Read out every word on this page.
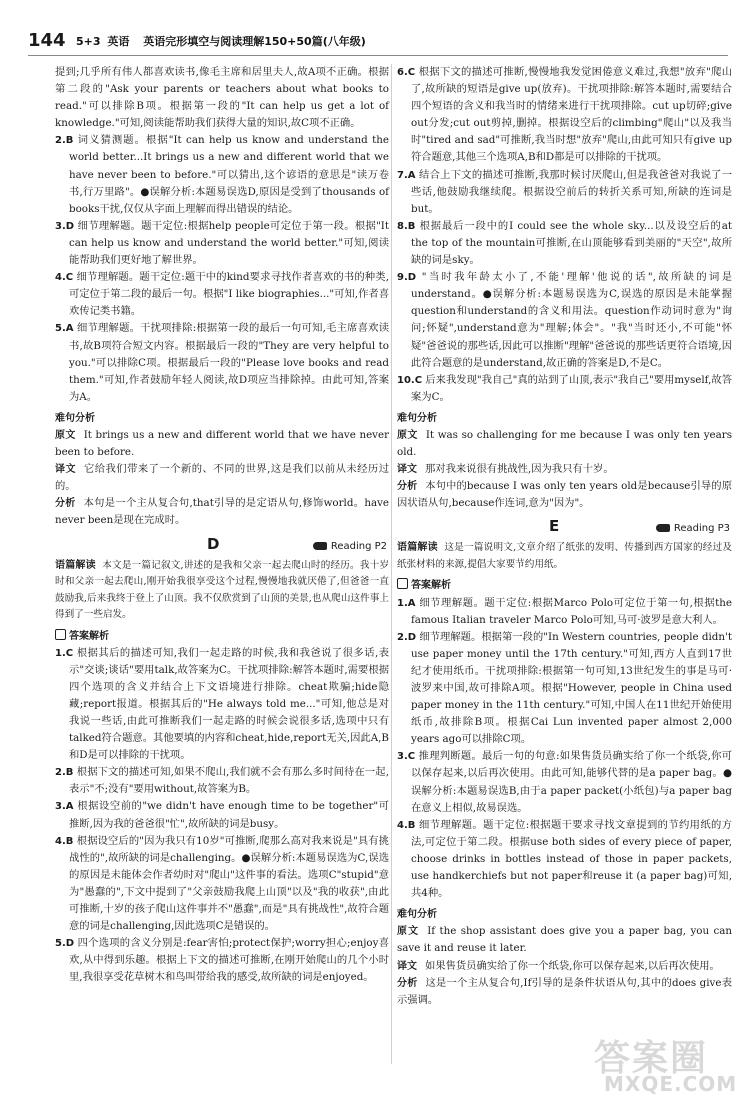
144 5+3 英语 英语完形填空与阅读理解150+50篇(八年级)

提到;几乎所有伟人都喜欢读书,像毛主席和居里夫人,故A项不正确。根据第二段的"Ask your parents or teachers about what books to read."可以排除B项。根据第一段的"It can help us get a lot of knowledge."可知,阅读能帮助我们获得大量的知识,故C项不正确。

2.B 词义猜测题。根据"It can help us know and understand the world better...It brings us a new and different world that we have never been to before."可以猜出,这个谚语的意思是"读万卷书,行万里路"。●误解分析:本题易误选D,原因是受到了thousands of books干扰,仅仅从字面上理解而得出错误的结论。

3.D 细节理解题。题干定位:根据help people可定位于第一段。根据"It can help us know and understand the world better."可知,阅读能帮助我们更好地了解世界。

4.C 细节理解题。题干定位:题干中的kind要求寻找作者喜欢的书的种类,可定位于第二段的最后一句。根据"I like biographies..."可知,作者喜欢传记类书籍。

5.A 细节理解题。干扰项排除:根据第一段的最后一句可知,毛主席喜欢读书,故B项符合短文内容。根据最后一段的"They are very helpful to you."可以排除C项。根据最后一段的"Please love books and read them."可知,作者鼓励年轻人阅读,故D项应当排除掉。由此可知,答案为A。

难句分析

原文 It brings us a new and different world that we have never been to before.

译文 它给我们带来了一个新的、不同的世界,这是我们以前从未经历过的。

分析 本句是一个主从复合句,that引导的是定语从句,修饰world。have never been是现在完成时。

D	Reading P2

语篇解读 本文是一篇记叙文,讲述的是我和父亲一起去爬山时的经历。我十岁时和父亲一起去爬山,刚开始我很享受这个过程,慢慢地我就厌倦了,但爸爸一直鼓励我,后来我终于登上了山顶。我不仅欣赏到了山顶的美景,也从爬山这件事上得到了一些启发。

答案解析

1.C 根据其后的描述可知,我们一起走路的时候,我和我爸说了很多话,表示"交谈;谈话"要用talk,故答案为C。干扰项排除:解答本题时,需要根据四个选项的含义并结合上下文语境进行排除。cheat欺骗;hide隐藏;report报道。根据其后的"He always told me..."可知,他总是对我说一些话,由此可推断我们一起走路的时候会说很多话,选项中只有talked符合题意。其他要填的内容和cheat,hide,report无关,因此A,B和D是可以排除的干扰项。

2.B 根据下文的描述可知,如果不爬山,我们就不会有那么多时间待在一起,表示"不;没有"要用without,故答案为B。

3.A 根据设空前的"we didn't have enough time to be together"可推断,因为我的爸爸很"忙",故所缺的词是busy。

4.B 根据设空后的"因为我只有10岁"可推断,爬那么高对我来说是"具有挑战性的",故所缺的词是challenging。●误解分析:本题易误选为C,误选的原因是未能体会作者幼时对"爬山"这件事的看法。选项C"stupid"意为"愚蠢的",下文中提到了"父亲鼓励我爬上山顶"以及"我的收获",由此可推断,十岁的孩子爬山这件事并不"愚蠢",而是"具有挑战性",故符合题意的词是challenging,因此选项C是错误的。

5.D 四个选项的含义分别是:fear害怕;protect保护;worry担心;enjoy喜欢,从中得到乐趣。根据上下文的描述可推断,在刚开始爬山的几个小时里,我很享受花草树木和鸟叫带给我的感受,故所缺的词是enjoyed。

6.C 根据下文的描述可推断,慢慢地我发觉困倦意义难过,我想"放弃"爬山了,故所缺的短语是give up(放弃)。干扰项排除:解答本题时,需要结合四个短语的含义和我当时的情绪来进行干扰项排除。cut up切碎;give out分发;cut out剪掉,删掉。根据设空后的climbing"爬山"以及我当时"tired and sad"可推断,我当时想"放弃"爬山,由此可知只有give up符合题意,其他三个选项A,B和D都是可以排除的干扰项。

7.A 结合上下文的描述可推断,我那时候讨厌爬山,但是我爸爸对我说了一些话,他鼓励我继续爬。根据设空前后的转折关系可知,所缺的连词是but。

8.B 根据最后一段中的I could see the whole sky...以及设空后的at the top of the mountain可推断,在山顶能够看到美丽的"天空",故所缺的词是sky。

9.D "当时我年龄太小了,不能'理解'他说的话",故所缺的词是understand。●误解分析:本题易误选为C,误选的原因是未能掌握question和understand的含义和用法。question作动词时意为"询问;怀疑",understand意为"理解;体会"。"我"当时还小,不可能"怀疑"爸爸说的那些话,因此可以推断"理解"爸爸说的那些话更符合语境,因此符合题意的是understand,故正确的答案是D,不是C。

10.C 后来我发现"我自己"真的站到了山顶,表示"我自己"要用myself,故答案为C。

难句分析

原文 It was so challenging for me because I was only ten years old.

译文 那对我来说很有挑战性,因为我只有十岁。

分析 本句中的because I was only ten years old是because引导的原因状语从句,because作连词,意为"因为"。

E	Reading P3

语篇解读 这是一篇说明文,文章介绍了纸张的发明、传播到西方国家的经过及纸张材料的来源,提倡大家要节约用纸。

答案解析

1.A 细节理解题。题干定位:根据Marco Polo可定位于第一句,根据the famous Italian traveler Marco Polo可知,马可·波罗是意大利人。

2.D 细节理解题。根据第一段的"In Western countries, people didn't use paper money until the 17th century."可知,西方人直到17世纪才使用纸币。干扰项排除:根据第一句可知,13世纪发生的事是马可·波罗来中国,故可排除A项。根据"However, people in China used paper money in the 11th century."可知,中国人在11世纪开始使用纸币,故排除B项。根据Cai Lun invented paper almost 2,000 years ago可以排除C项。

3.C 推理判断题。最后一句的句意:如果售货员确实给了你一个纸袋,你可以保存起来,以后再次使用。由此可知,能够代替的是a paper bag。●误解分析:本题易误选B,由于a paper packet(小纸包)与a paper bag在意义上相似,故易误选。

4.B 细节理解题。题干定位:根据题干要求寻找文章提到的节约用纸的方法,可定位于第二段。根据use both sides of every piece of paper, choose drinks in bottles instead of those in paper packets, use handkerchiefs but not paper和reuse it (a paper bag)可知,共4种。

难句分析

原文 If the shop assistant does give you a paper bag, you can save it and reuse it later.

译文 如果售货员确实给了你一个纸袋,你可以保存起来,以后再次使用。

分析 这是一个主从复合句,If引导的是条件状语从句,其中的does give表示强调。

答案圈
MXQE.COM
